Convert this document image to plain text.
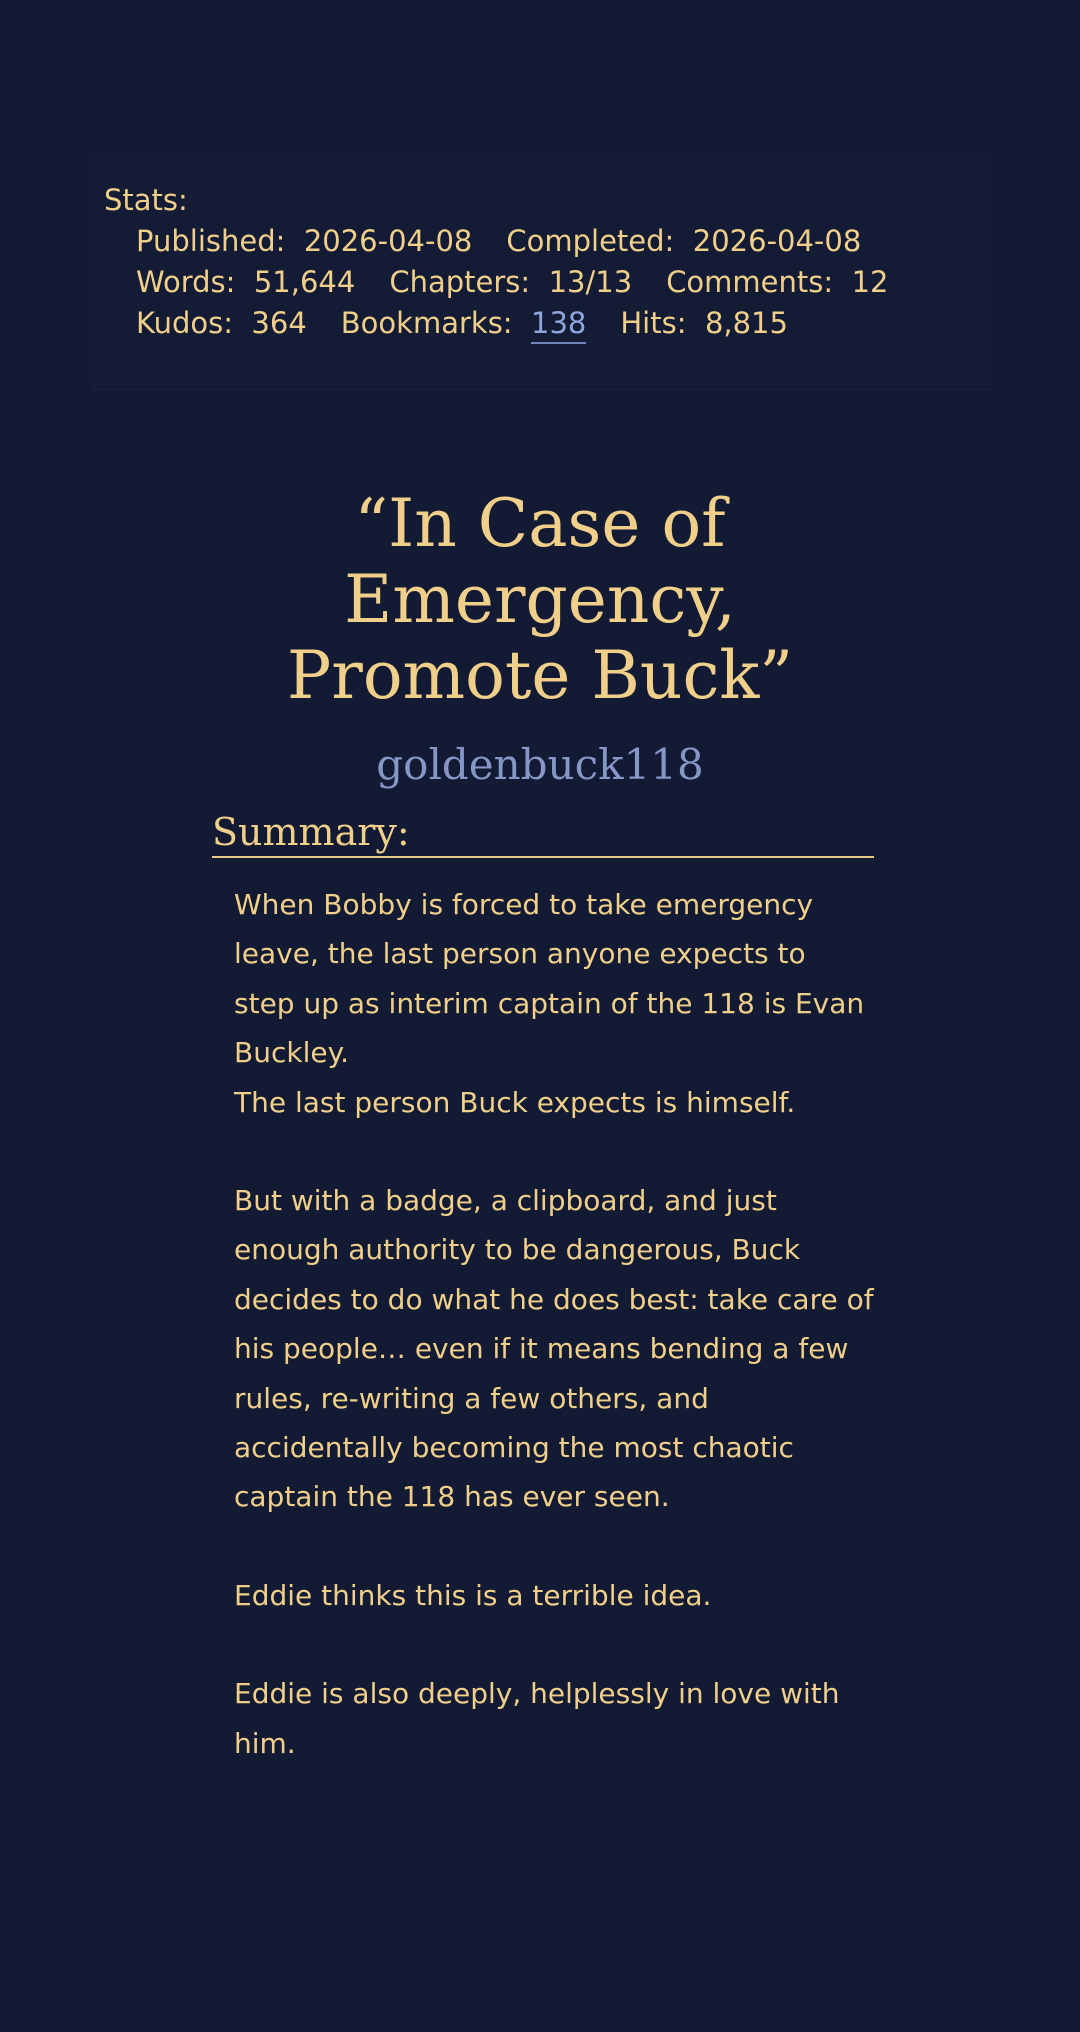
Stats:
Published: 2026-04-08 Completed: 2026-04-08
Words: 51,644 Chapters: 13/13 Comments: 12
Kudos: 364 Bookmarks: 138 Hits: 8,815
“In Case of
Emergency,
Promote Buck”
goldenbuck118
Summary:

When Bobby is forced to take emergency leave, the last person anyone expects to step up as interim captain of the 118 is Evan Buckley.

The last person Buck expects is himself.

But with a badge, a clipboard, and just enough authority to be dangerous, Buck decides to do what he does best: take care of his people… even if it means bending a few rules, re-writing a few others, and accidentally becoming the most chaotic captain the 118 has ever seen.

Eddie thinks this is a terrible idea.

Eddie is also deeply, helplessly in love with him.
